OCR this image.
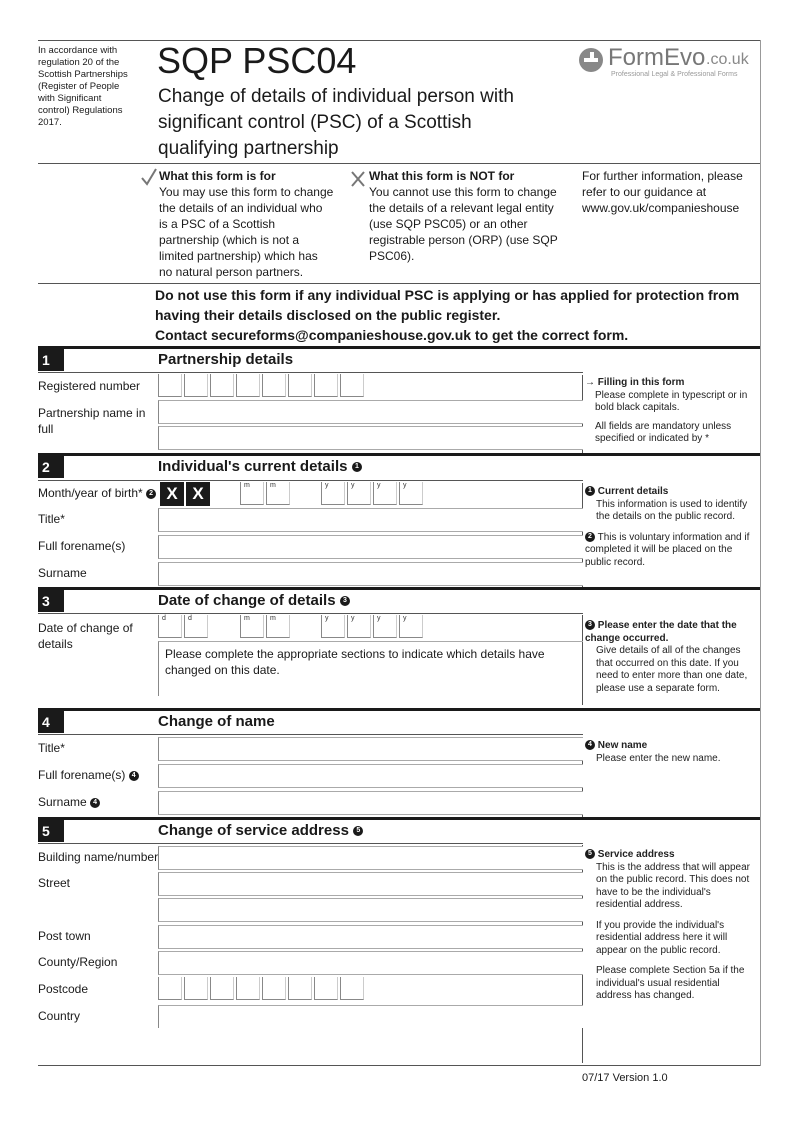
In accordance with regulation 20 of the Scottish Partnerships (Register of People with Significant control) Regulations 2017.
SQP PSC04
Change of details of individual person with significant control (PSC) of a Scottish qualifying partnership
FormEvo .co.uk
Professional Legal & Professional Forms
What this form is for
You may use this form to change the details of an individual who is a PSC of a Scottish partnership (which is not a limited partnership) which has no natural person partners.
What this form is NOT for
You cannot use this form to change the details of a relevant legal entity (use SQP PSC05) or an other registrable person (ORP) (use SQP PSC06).
For further information, please refer to our guidance at www.gov.uk/companieshouse
Do not use this form if any individual PSC is applying or has applied for protection from having their details disclosed on the public register.
Contact secureforms@companieshouse.gov.uk to get the correct form.
1	Partnership details
Registered number
Partnership name in full
→ Filling in this form
Please complete in typescript or in bold black capitals.
All fields are mandatory unless specified or indicated by *
2	Individual's current details 1
Month/year of birth* 2 X X	m	m	y	y	y	y
Title*
Full forename(s)
Surname
1 Current details
This information is used to identify the details on the public record.
2 This is voluntary information and if completed it will be placed on the public record.
3	Date of change of details 3
Date of change of details
d	d	m	m	y	y	y	y
Please complete the appropriate sections to indicate which details have changed on this date.
3 Please enter the date that the change occurred.
Give details of all of the changes that occurred on this date. If you need to enter more than one date, please use a separate form.
4	Change of name
Title*
Full forename(s) 4
Surname 4
4 New name
Please enter the new name.
5	Change of service address 5
Building name/number
Street
Post town
County/Region
Postcode
Country
5 Service address
This is the address that will appear on the public record. This does not have to be the individual's residential address.
If you provide the individual's residential address here it will appear on the public record.
Please complete Section 5a if the individual's usual residential address has changed.
07/17 Version 1.0
